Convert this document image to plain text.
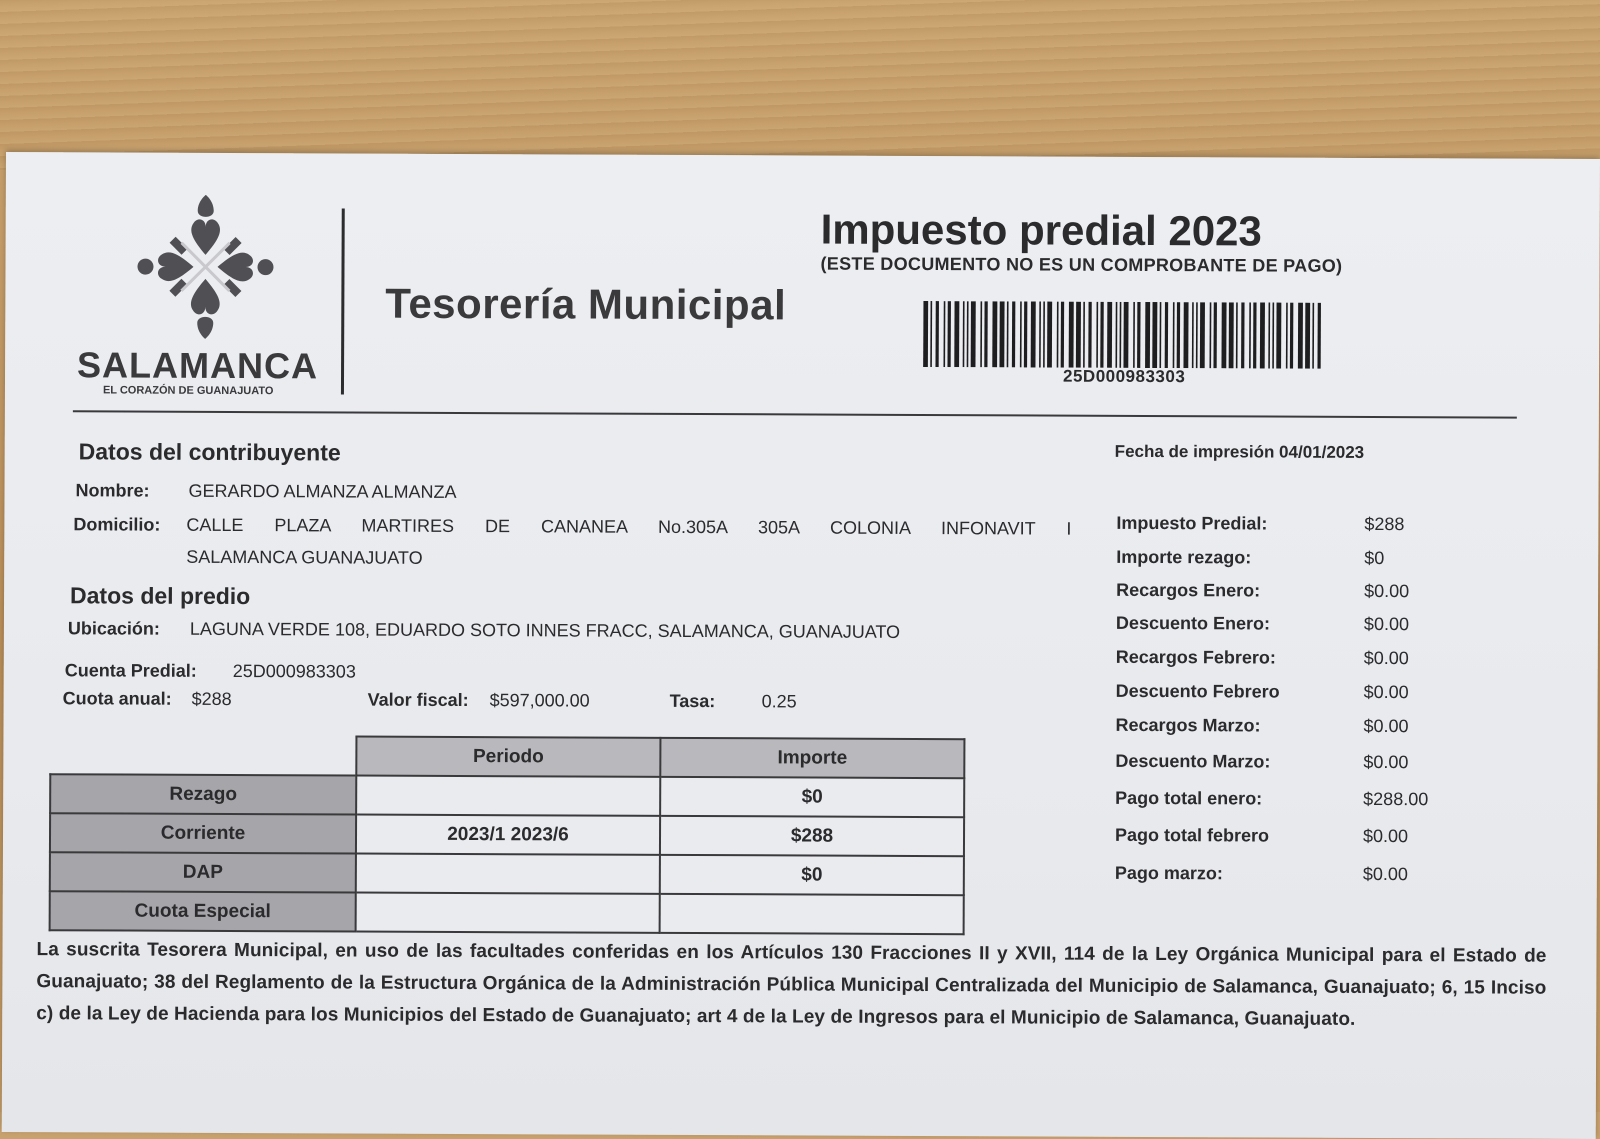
SALAMANCA
EL CORAZÓN DE GUANAJUATO
Tesorería Municipal
Impuesto predial 2023
(ESTE DOCUMENTO NO ES UN COMPROBANTE DE PAGO)
25D000983303
Datos del contribuyente
Nombre: GERARDO ALMANZA ALMANZA
Domicilio: CALLE PLAZA MARTIRES DE CANANEA No.305A 305A COLONIA INFONAVIT I
SALAMANCA GUANAJUATO
Datos del predio
Ubicación: LAGUNA VERDE 108, EDUARDO SOTO INNES FRACC, SALAMANCA, GUANAJUATO
Cuenta Predial: 25D000983303
Cuota anual: $288	Valor fiscal: $597,000.00	Tasa:	0.25
Fecha de impresión 04/01/2023
Impuesto Predial:	$288
Importe rezago:	$0
Recargos Enero:	$0.00
Descuento Enero:	$0.00
Recargos Febrero:	$0.00
Descuento Febrero	$0.00
Recargos Marzo:	$0.00
Descuento Marzo:	$0.00
Pago total enero:	$288.00
Pago total febrero	$0.00
Pago marzo:	$0.00
	Periodo	Importe
Rezago		$0
Corriente	2023/1 2023/6	$288
DAP		$0
Cuota Especial		
La suscrita Tesorera Municipal, en uso de las facultades conferidas en los Artículos 130 Fracciones II y XVII, 114 de la Ley Orgánica Municipal para el Estado de Guanajuato; 38 del Reglamento de la Estructura Orgánica de la Administración Pública Municipal Centralizada del Municipio de Salamanca, Guanajuato; 6, 15 Inciso c) de la Ley de Hacienda para los Municipios del Estado de Guanajuato; art 4 de la Ley de Ingresos para el Municipio de Salamanca, Guanajuato.
